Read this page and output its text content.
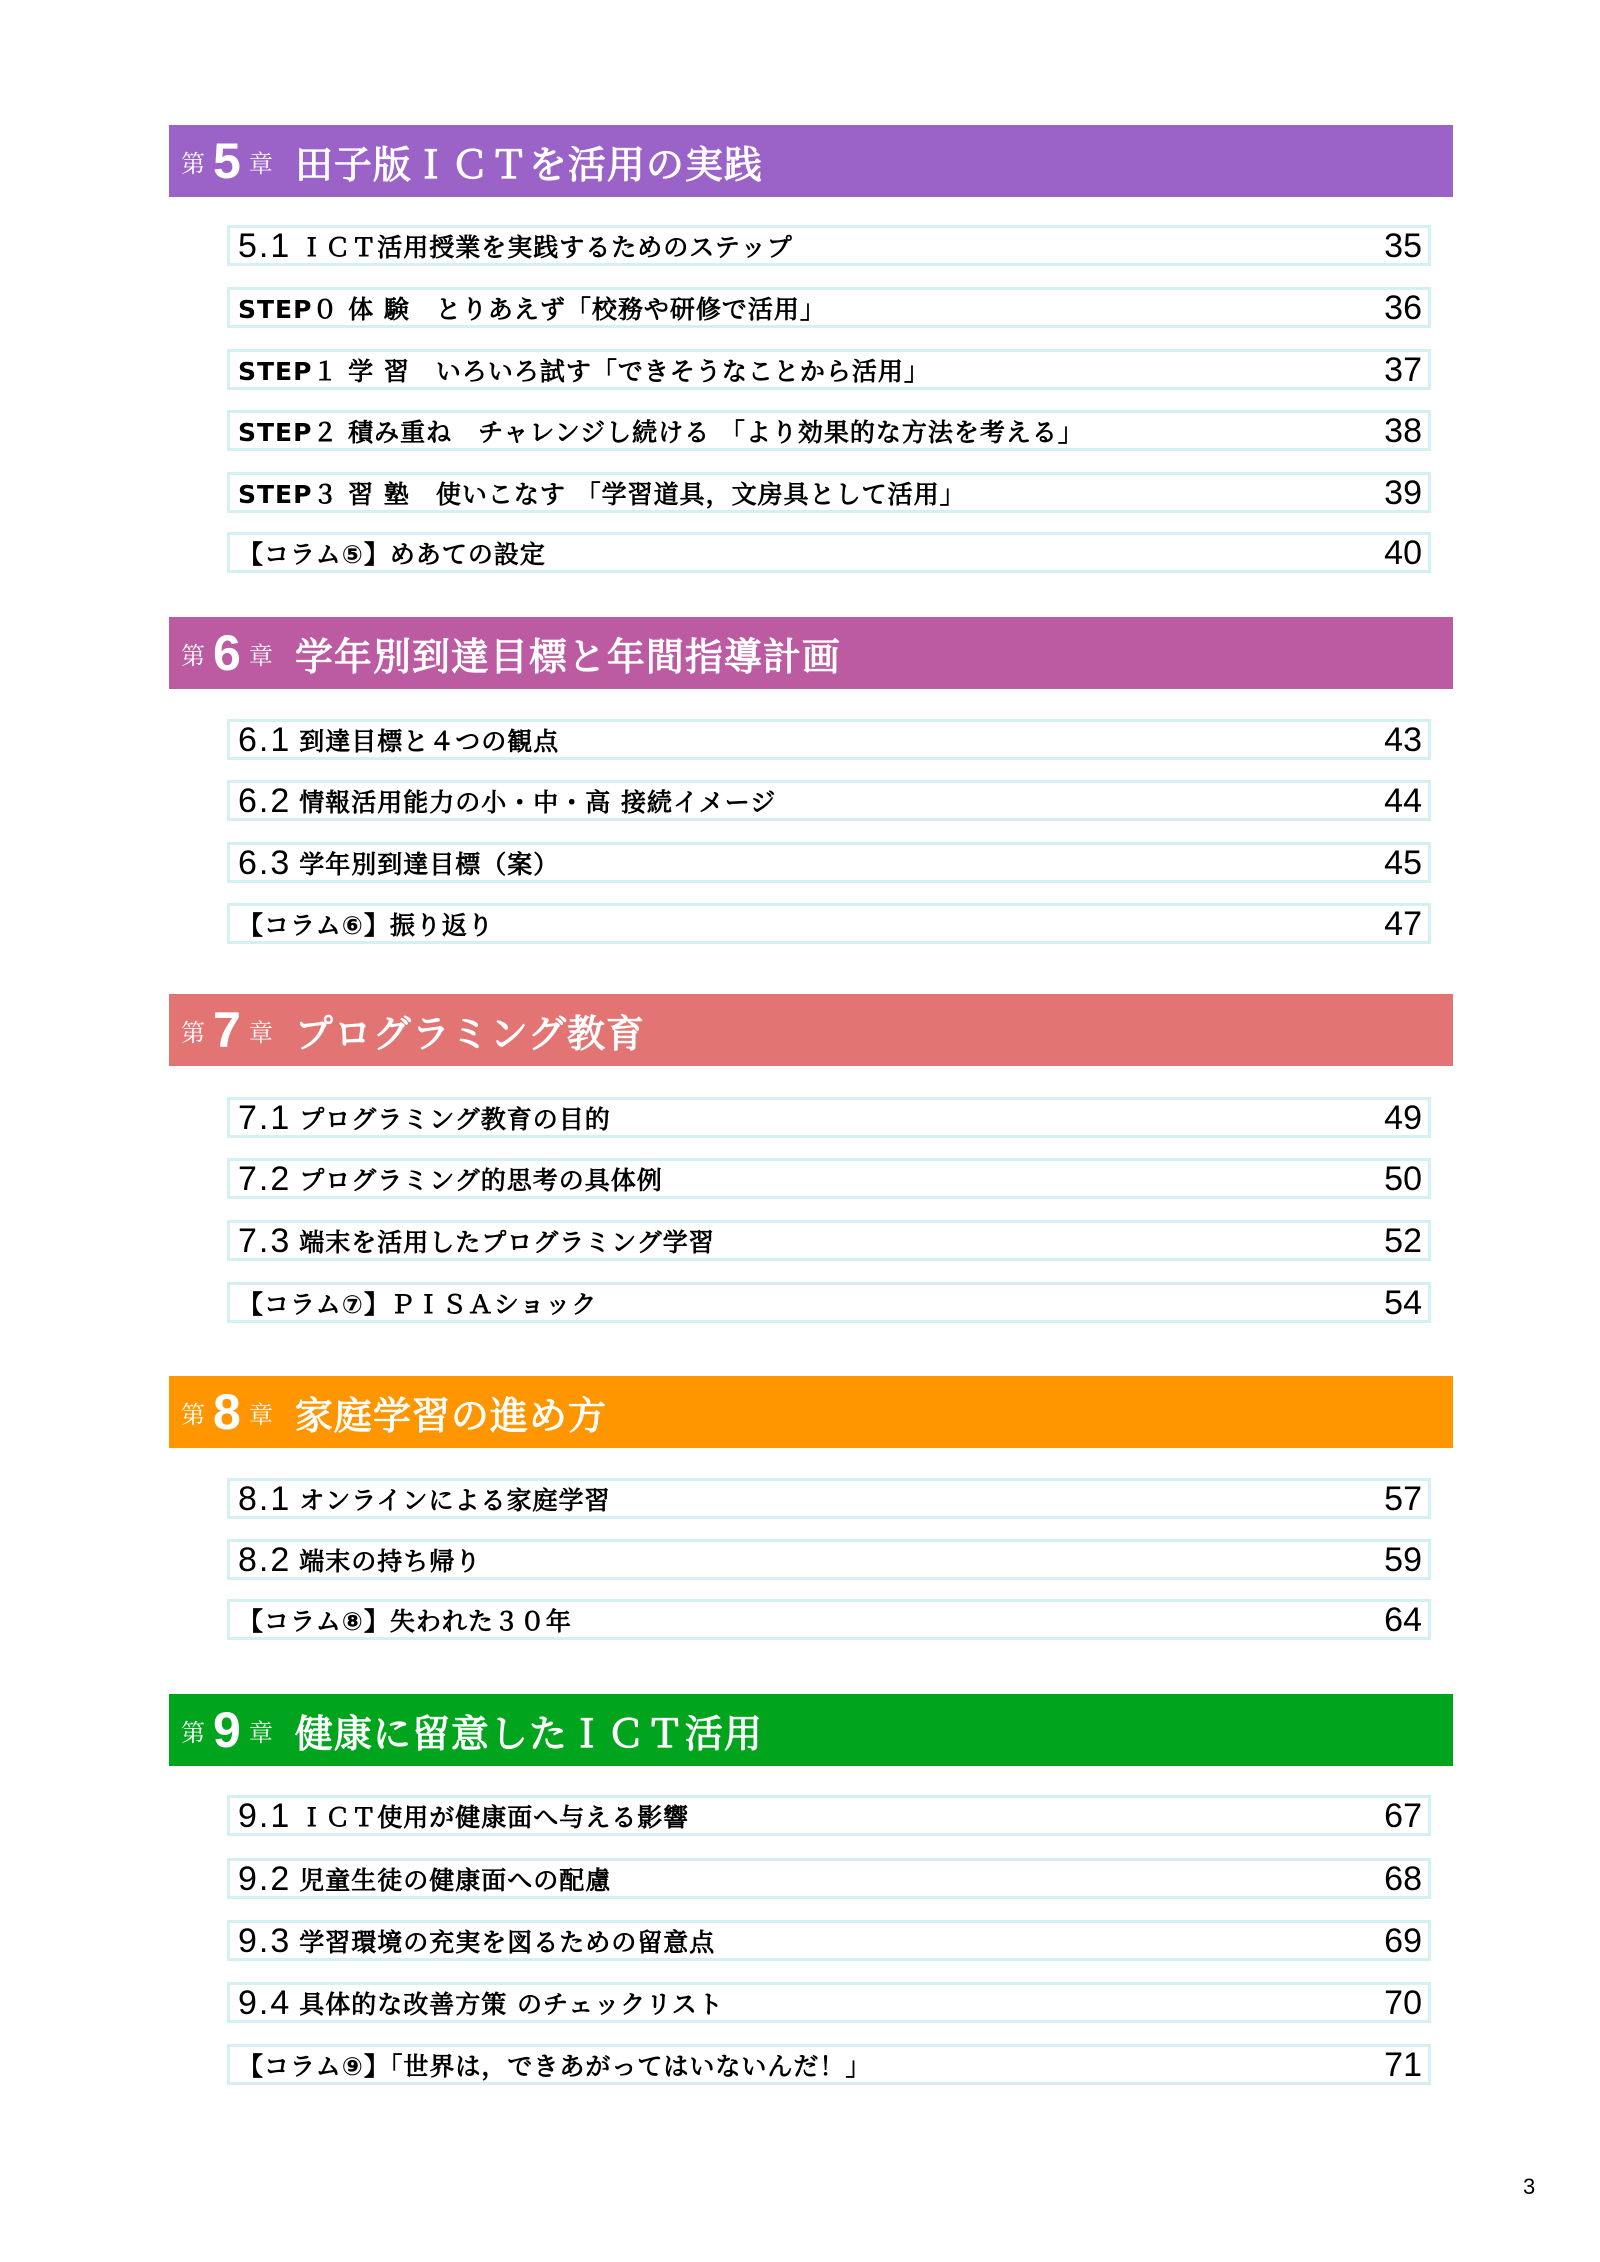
第 5 章 田子版ＩＣＴを活用の実践
5.1 ＩＣＴ活用授業を実践するためのステップ	35
STEP０ 体 験　とりあえず「校務や研修で活用」	36
STEP１ 学 習　いろいろ試す「できそうなことから活用」	37
STEP２ 積み重ね　チャレンジし続ける 「より効果的な方法を考える」	38
STEP３ 習 塾　使いこなす 「学習道具，文房具として活用」	39
【コラム⑤】めあての設定	40
第 6 章 学年別到達目標と年間指導計画
6.1 到達目標と４つの観点	43
6.2 情報活用能力の小・中・高 接続イメージ	44
6.3 学年別到達目標（案）	45
【コラム⑥】振り返り	47
第 7 章 プログラミング教育
7.1 プログラミング教育の目的	49
7.2 プログラミング的思考の具体例	50
7.3 端末を活用したプログラミング学習	52
【コラム⑦】ＰＩＳＡショック	54
第 8 章 家庭学習の進め方
8.1 オンラインによる家庭学習	57
8.2 端末の持ち帰り	59
【コラム⑧】失われた３０年	64
第 9 章 健康に留意したＩＣＴ活用
9.1 ＩＣＴ使用が健康面へ与える影響	67
9.2 児童生徒の健康面への配慮	68
9.3 学習環境の充実を図るための留意点	69
9.4 具体的な改善方策 のチェックリスト	70
【コラム⑨】「世界は，できあがってはいないんだ！」	71
3
